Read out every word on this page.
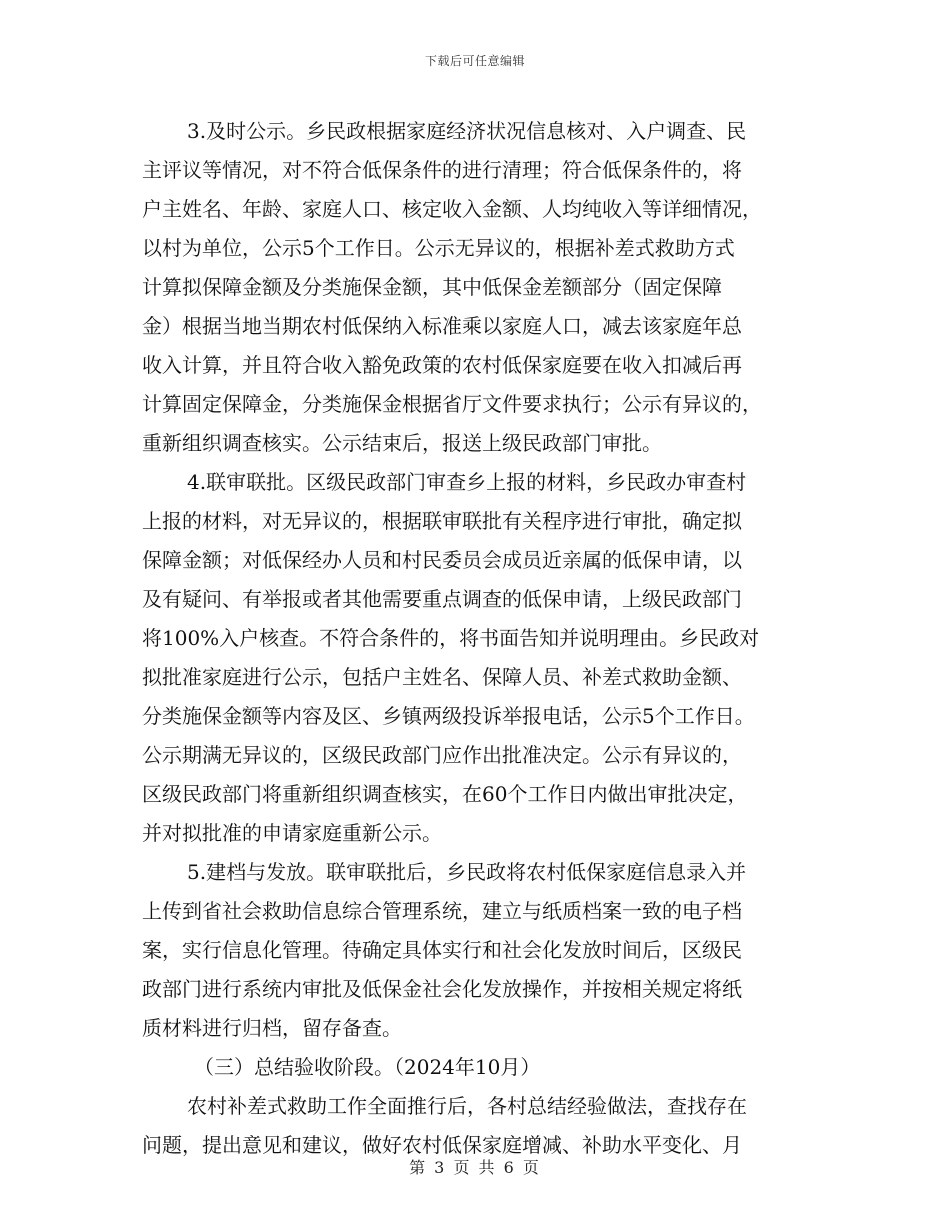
下载后可任意编辑
3.及时公示。乡民政根据家庭经济状况信息核对、入户调查、民
主评议等情况，对不符合低保条件的进行清理；符合低保条件的，将
户主姓名、年龄、家庭人口、核定收入金额、人均纯收入等详细情况，
以村为单位，公示5个工作日。公示无异议的，根据补差式救助方式
计算拟保障金额及分类施保金额，其中低保金差额部分（固定保障
金）根据当地当期农村低保纳入标准乘以家庭人口，减去该家庭年总
收入计算，并且符合收入豁免政策的农村低保家庭要在收入扣减后再
计算固定保障金，分类施保金根据省厅文件要求执行；公示有异议的，
重新组织调查核实。公示结束后，报送上级民政部门审批。
4.联审联批。区级民政部门审查乡上报的材料，乡民政办审查村
上报的材料，对无异议的，根据联审联批有关程序进行审批，确定拟
保障金额；对低保经办人员和村民委员会成员近亲属的低保申请，以
及有疑问、有举报或者其他需要重点调查的低保申请，上级民政部门
将100%入户核查。不符合条件的，将书面告知并说明理由。乡民政对
拟批准家庭进行公示，包括户主姓名、保障人员、补差式救助金额、
分类施保金额等内容及区、乡镇两级投诉举报电话，公示5个工作日。
公示期满无异议的，区级民政部门应作出批准决定。公示有异议的，
区级民政部门将重新组织调查核实，在60个工作日内做出审批决定，
并对拟批准的申请家庭重新公示。
5.建档与发放。联审联批后，乡民政将农村低保家庭信息录入并
上传到省社会救助信息综合管理系统，建立与纸质档案一致的电子档
案，实行信息化管理。待确定具体实行和社会化发放时间后，区级民
政部门进行系统内审批及低保金社会化发放操作，并按相关规定将纸
质材料进行归档，留存备查。
（三）总结验收阶段。（2024年10月）
农村补差式救助工作全面推行后，各村总结经验做法，查找存在
问题，提出意见和建议，做好农村低保家庭增减、补助水平变化、月
第 3 页 共 6 页
